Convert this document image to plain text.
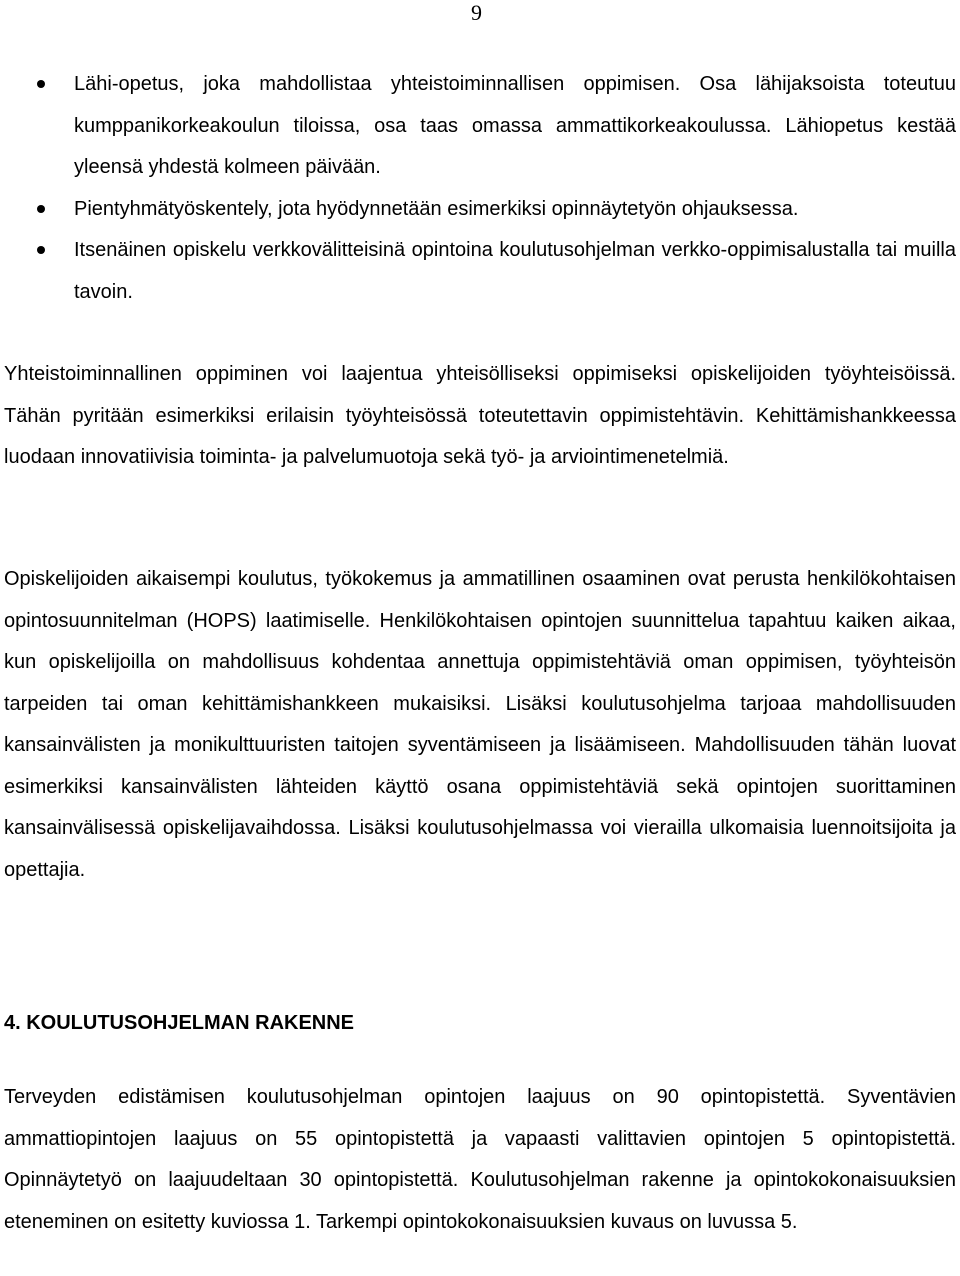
9
Lähi-opetus, joka mahdollistaa yhteistoiminnallisen oppimisen. Osa lähijaksoista toteutuu kumppanikorkeakoulun tiloissa, osa taas omassa ammattikorkeakoulussa. Lähiopetus kestää yleensä yhdestä kolmeen päivään.
Pientyhmätyöskentely, jota hyödynnetään esimerkiksi opinnäytetyön ohjauksessa.
Itsenäinen opiskelu verkkovälitteisinä opintoina koulutusohjelman verkko-oppimisalustalla tai muilla tavoin.

Yhteistoiminnallinen oppiminen voi laajentua yhteisölliseksi oppimiseksi opiskelijoiden työyhteisöissä. Tähän pyritään esimerkiksi erilaisin työyhteisössä toteutettavin oppimistehtävin. Kehittämishankkeessa luodaan innovatiivisia toiminta- ja palvelumuotoja sekä työ- ja arviointimenetelmiä.

Opiskelijoiden aikaisempi koulutus, työkokemus ja ammatillinen osaaminen ovat perusta henkilökohtaisen opintosuunnitelman (HOPS) laatimiselle. Henkilökohtaisen opintojen suunnittelua tapahtuu kaiken aikaa, kun opiskelijoilla on mahdollisuus kohdentaa annettuja oppimistehtäviä oman oppimisen, työyhteisön tarpeiden tai oman kehittämishankkeen mukaisiksi. Lisäksi koulutusohjelma tarjoaa mahdollisuuden kansainvälisten ja monikulttuuristen taitojen syventämiseen ja lisäämiseen. Mahdollisuuden tähän luovat esimerkiksi kansainvälisten lähteiden käyttö osana oppimistehtäviä sekä opintojen suorittaminen kansainvälisessä opiskelijavaihdossa. Lisäksi koulutusohjelmassa voi vierailla ulkomaisia luennoitsijoita ja opettajia.

4. KOULUTUSOHJELMAN RAKENNE

Terveyden edistämisen koulutusohjelman opintojen laajuus on 90 opintopistettä. Syventävien ammattiopintojen laajuus on 55 opintopistettä ja vapaasti valittavien opintojen 5 opintopistettä. Opinnäytetyö on laajuudeltaan 30 opintopistettä. Koulutusohjelman rakenne ja opintokokonaisuuksien eteneminen on esitetty kuviossa 1. Tarkempi opintokokonaisuuksien kuvaus on luvussa 5.
